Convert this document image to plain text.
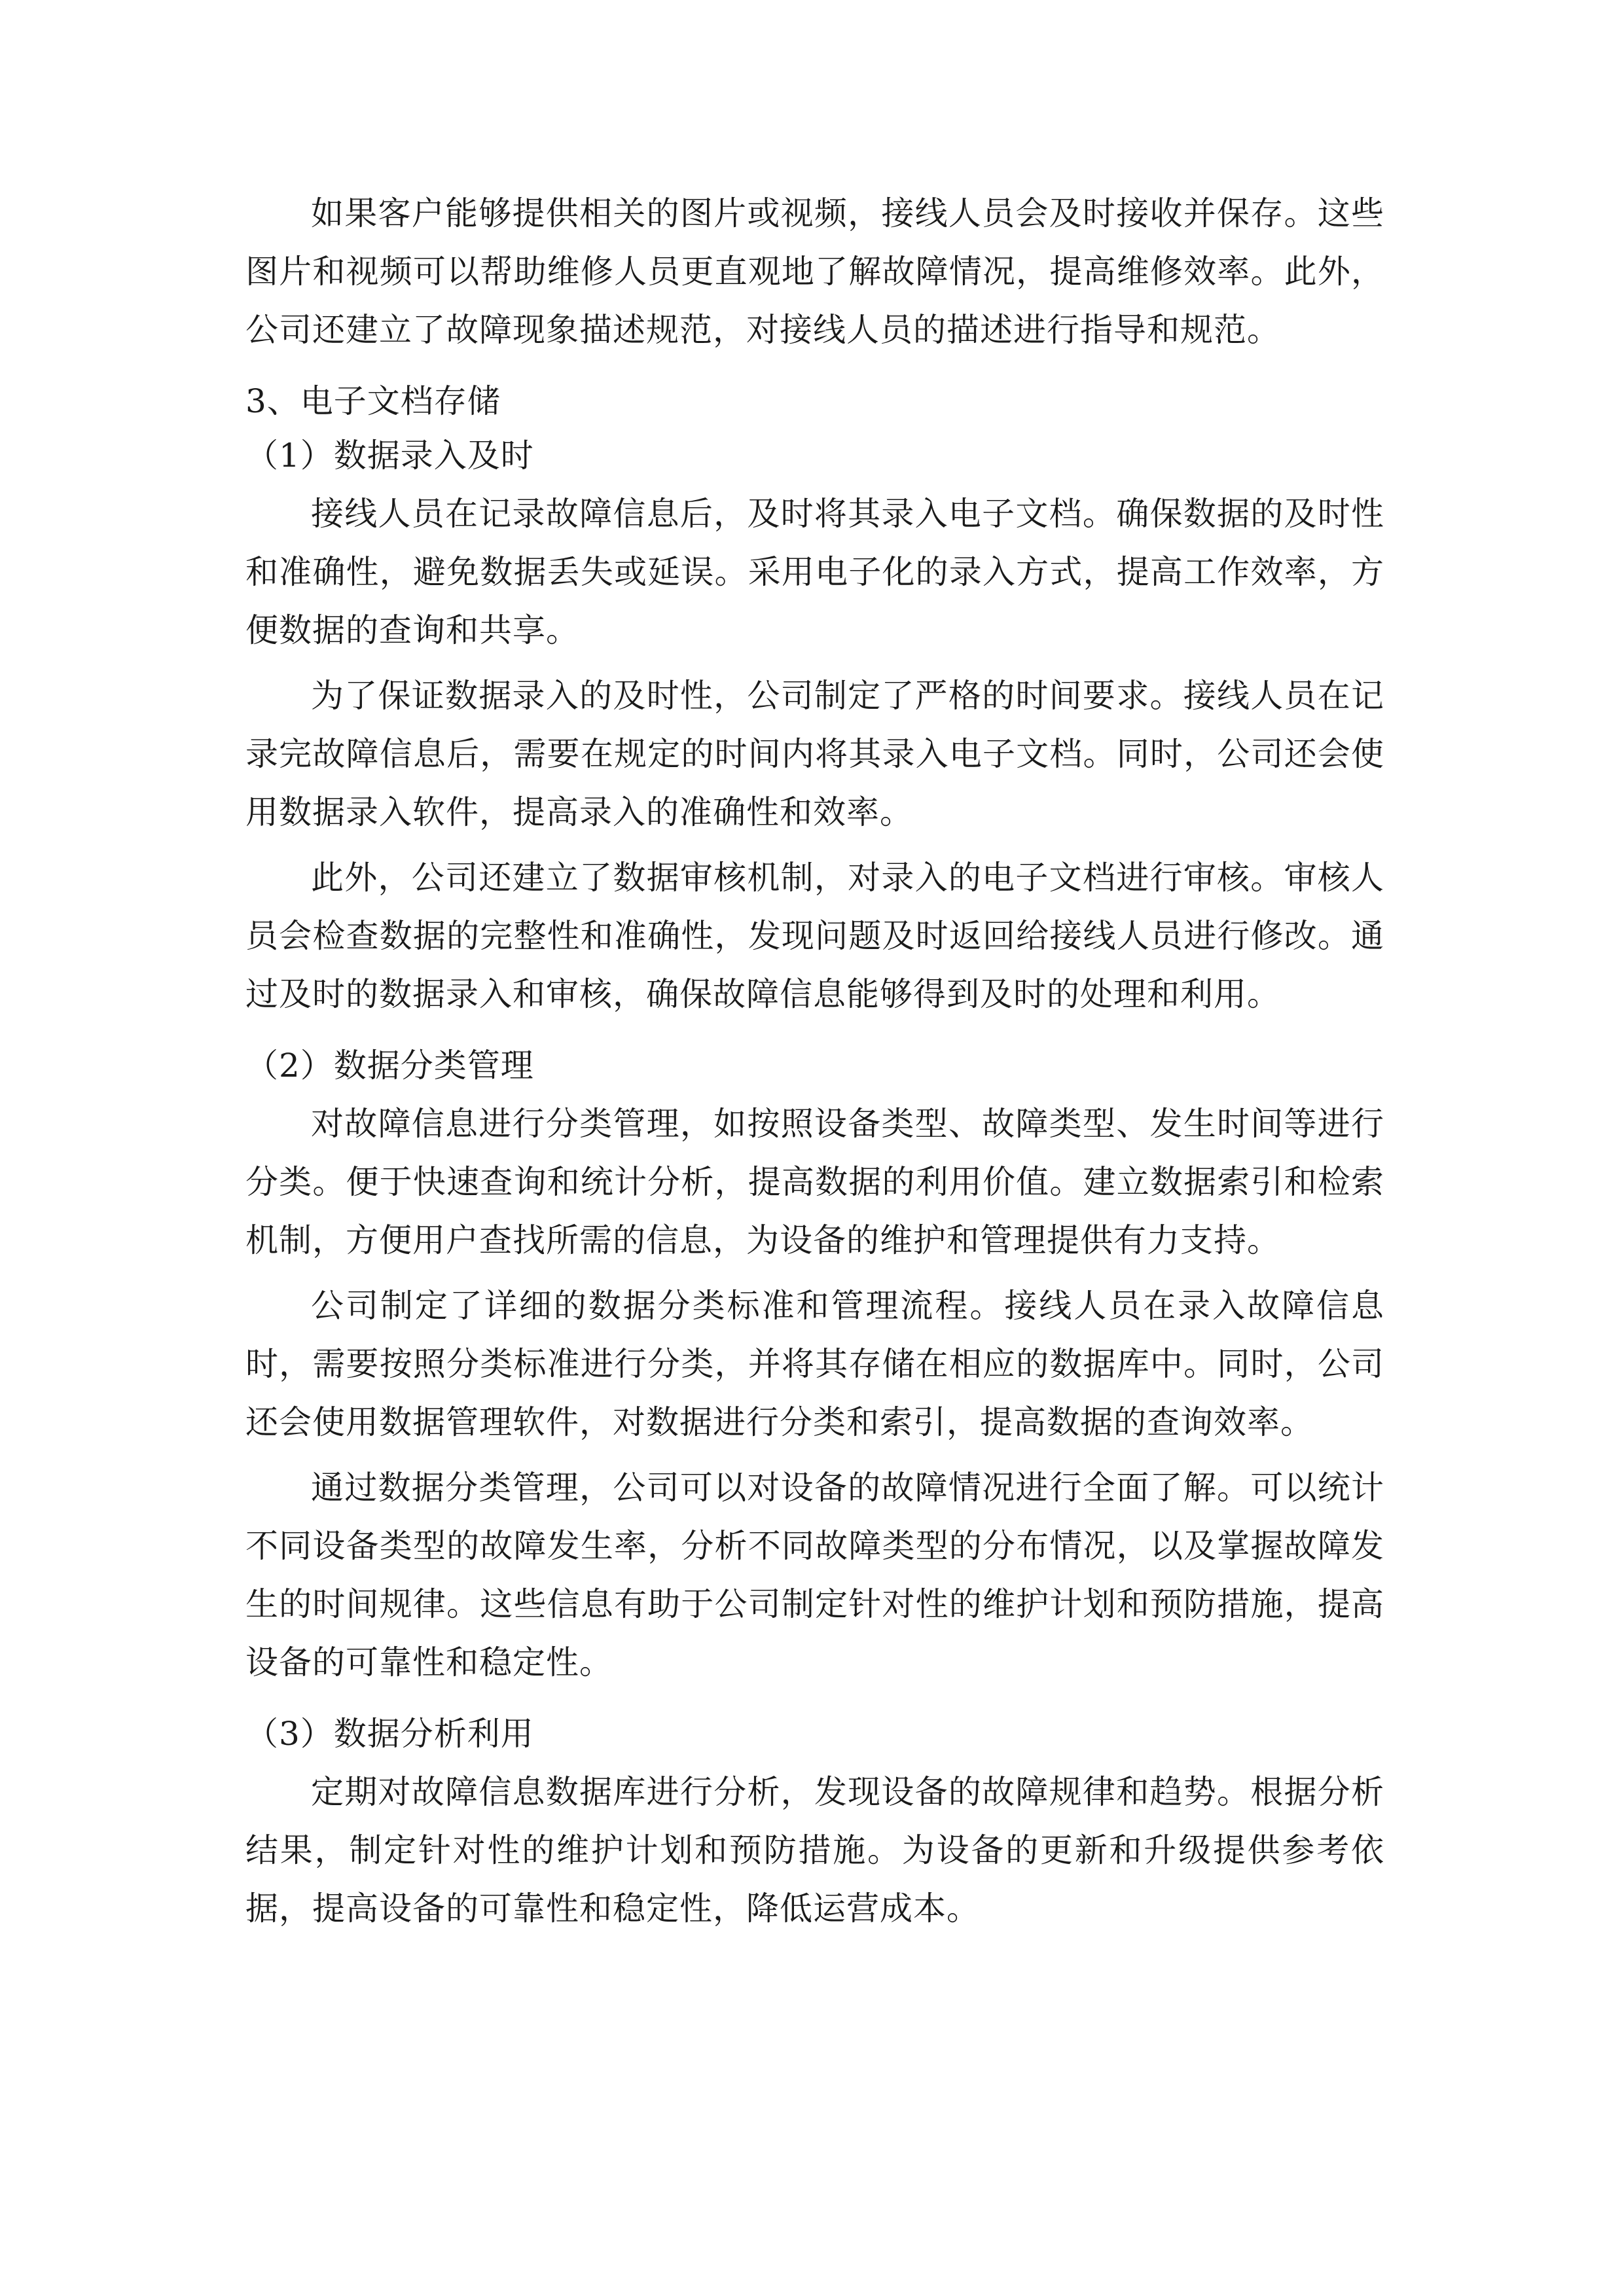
如果客户能够提供相关的图片或视频，接线人员会及时接收并保存。这些图片和视频可以帮助维修人员更直观地了解故障情况，提高维修效率。此外，公司还建立了故障现象描述规范，对接线人员的描述进行指导和规范。

3、电子文档存储

（1）数据录入及时

接线人员在记录故障信息后，及时将其录入电子文档。确保数据的及时性和准确性，避免数据丢失或延误。采用电子化的录入方式，提高工作效率，方便数据的查询和共享。

为了保证数据录入的及时性，公司制定了严格的时间要求。接线人员在记录完故障信息后，需要在规定的时间内将其录入电子文档。同时，公司还会使用数据录入软件，提高录入的准确性和效率。

此外，公司还建立了数据审核机制，对录入的电子文档进行审核。审核人员会检查数据的完整性和准确性，发现问题及时返回给接线人员进行修改。通过及时的数据录入和审核，确保故障信息能够得到及时的处理和利用。

（2）数据分类管理

对故障信息进行分类管理，如按照设备类型、故障类型、发生时间等进行分类。便于快速查询和统计分析，提高数据的利用价值。建立数据索引和检索机制，方便用户查找所需的信息，为设备的维护和管理提供有力支持。

公司制定了详细的数据分类标准和管理流程。接线人员在录入故障信息时，需要按照分类标准进行分类，并将其存储在相应的数据库中。同时，公司还会使用数据管理软件，对数据进行分类和索引，提高数据的查询效率。

通过数据分类管理，公司可以对设备的故障情况进行全面了解。可以统计不同设备类型的故障发生率，分析不同故障类型的分布情况，以及掌握故障发生的时间规律。这些信息有助于公司制定针对性的维护计划和预防措施，提高设备的可靠性和稳定性。

（3）数据分析利用

定期对故障信息数据库进行分析，发现设备的故障规律和趋势。根据分析结果，制定针对性的维护计划和预防措施。为设备的更新和升级提供参考依据，提高设备的可靠性和稳定性，降低运营成本。
